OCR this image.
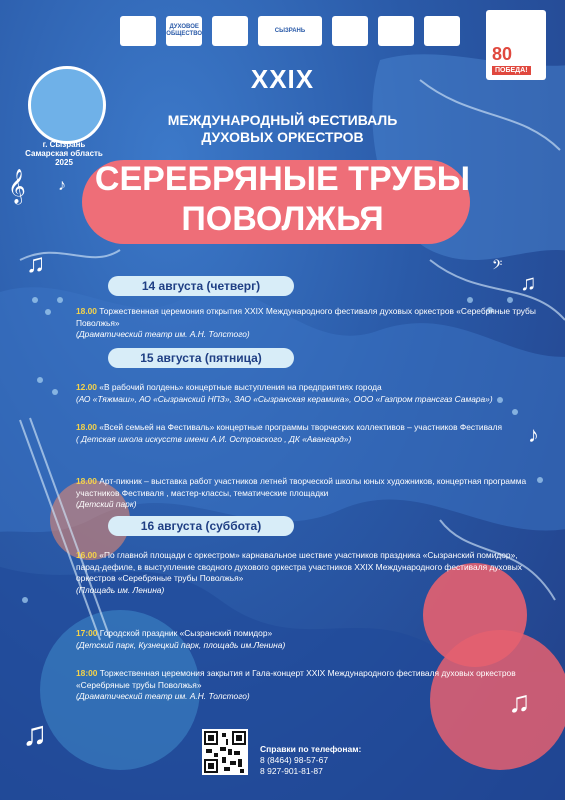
𝄞 ♪
♫
♫
♪
♫
♫
𝄢
ДУХОВОЕ ОБЩЕСТВО
СЫЗРАНЬ
80
ПОБЕДА!
г. Сызрань
Самарская область
2025
XXIX
МЕЖДУНАРОДНЫЙ ФЕСТИВАЛЬ
ДУХОВЫХ ОРКЕСТРОВ
СЕРЕБРЯНЫЕ ТРУБЫ
ПОВОЛЖЬЯ
14 августа (четверг)
18.00 Торжественная церемония открытия XXIX Международного фестиваля духовых оркестров «Серебряные трубы Поволжья»
(Драматический театр им. А.Н. Толстого)
15 августа (пятница)
12.00 «В рабочий полдень» концертные выступления на предприятиях города
(АО «Тяжмаш», АО «Сызранский НПЗ», ЗАО «Сызранская керамика», ООО «Газпром трансгаз Самара»)
18.00 «Всей семьей на Фестиваль» концертные программы творческих коллективов – участников Фестиваля
( Детская школа искусств имени А.И. Островского , ДК «Авангард»)
18.00 Арт-пикник – выставка работ участников летней творческой школы юных художников, концертная программа участников Фестиваля , мастер-классы, тематические площадки
(Детский парк)
16 августа (суббота)
16.00 «По главной площади с оркестром» карнавальное шествие участников праздника «Сызранский помидор», парад-дефиле, в выступление сводного духового оркестра участников XXIX Международного фестиваля духовых оркестров «Серебряные трубы Поволжья»
(Площадь им. Ленина)
17:00 Городской праздник «Сызранский помидор»
(Детский парк, Кузнецкий парк, площадь им.Ленина)
18:00 Торжественная церемония закрытия и Гала-концерт XXIX Международного фестиваля духовых оркестров «Серебряные трубы Поволжья»
(Драматический театр им. А.Н. Толстого)
Справки по телефонам:
8 (8464) 98-57-67
8 927-901-81-87
